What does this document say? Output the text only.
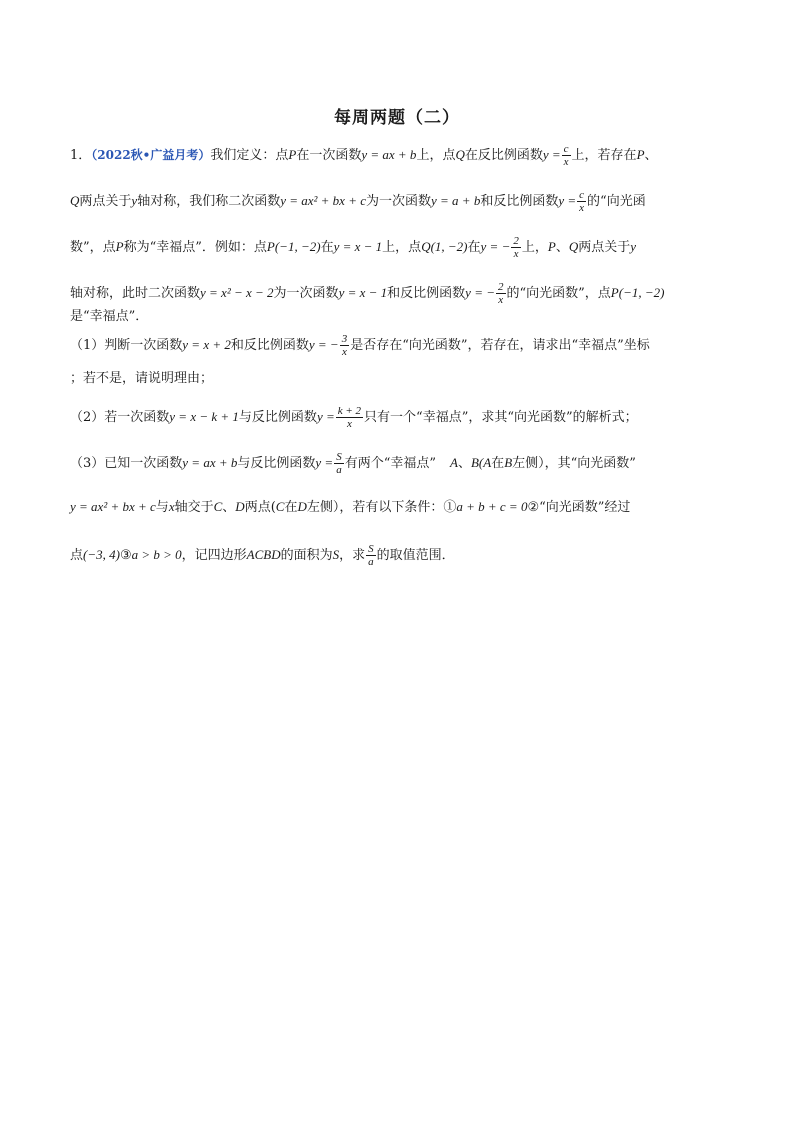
每周两题（二）

1．（2022秋•广益月考）我们定义：点P在一次函数y = ax + b上，点Q在反比例函数$y = \frac{c}{x}$ 上，若存在P、

Q两点关于y轴对称，我们称二次函数y = ax² + bx + c为一次函数y = a + b和反比例函数$y = \frac{c}{x}$ 的“向光函

数”，点P称为“幸福点”．例如：点P(−1, −2)在y = x − 1上，点Q(1, −2)在y = − $\frac{2}{x}$ 上，P、Q两点关于y

轴对称，此时二次函数y = x² − x − 2为一次函数y = x − 1和反比例函数y = − $\frac{2}{x}$ 的“向光函数”，点P(−1, −2)

是“幸福点”．

（1）判断一次函数y = x + 2和反比例函数y = − $\frac{3}{x}$ 是否存在“向光函数”，若存在，请求出“幸福点”坐标

；若不是，请说明理由；

（2）若一次函数y = x − k + 1与反比例函数$y = \frac{k + 2}{x}$ 只有一个“幸福点”，求其“向光函数”的解析式；

（3）已知一次函数y = ax + b与反比例函数$y = \frac{S}{a}$ 有两个“幸福点” A、B(A在B左侧），其“向光函数”

y = ax² + bx + c与x轴交于C、D两点(C在D左侧），若有以下条件：①a + b + c = 0②“向光函数”经过

点(−3, 4)③a > b > 0，记四边形ACBD的面积为S，求 $\frac{S}{a}$ 的取值范围．
